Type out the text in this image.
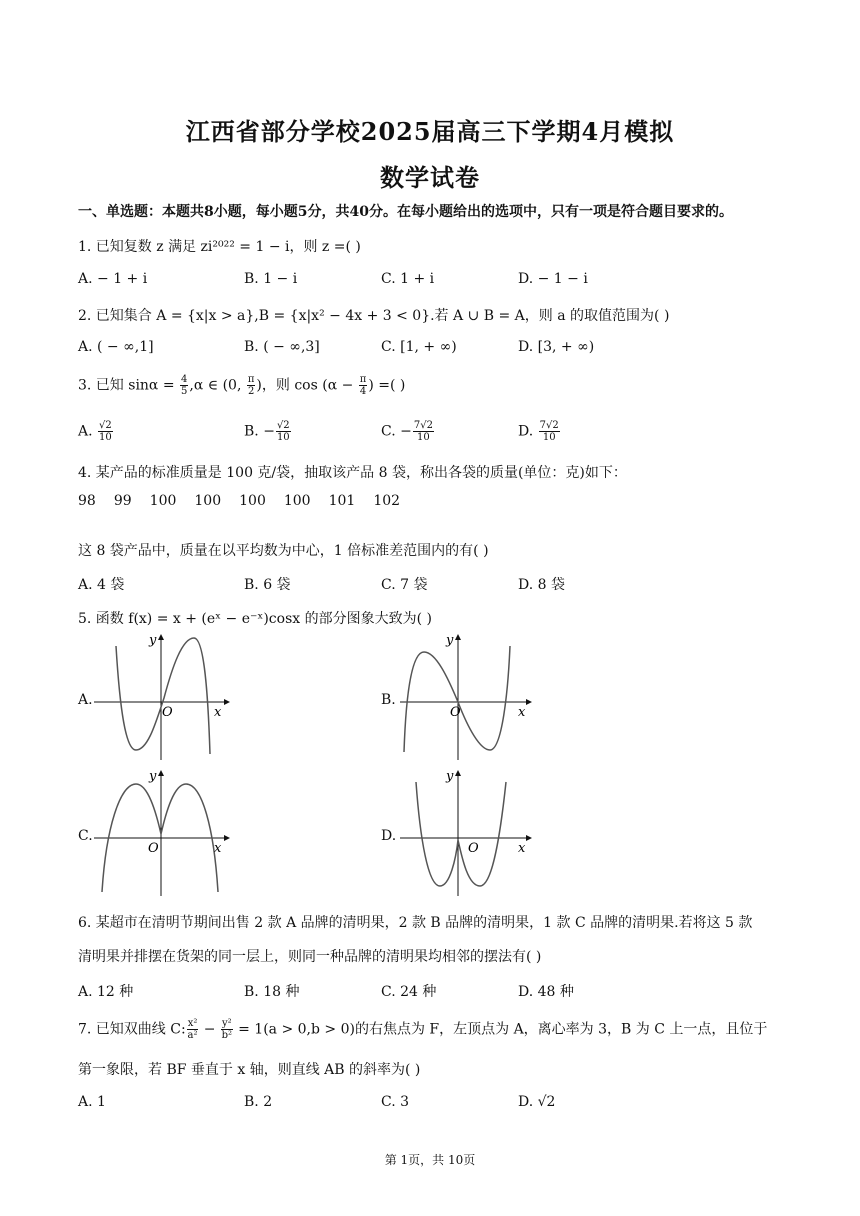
江西省部分学校2025届高三下学期4月模拟
数学试卷
一、单选题：本题共8小题，每小题5分，共40分。在每小题给出的选项中，只有一项是符合题目要求的。
1. 已知复数 z 满足 zi²⁰²² = 1 − i，则 z =( )
A. − 1 + i	B. 1 − i	C. 1 + i	D. − 1 − i
2. 已知集合 A = {x|x > a},B = {x|x² − 4x + 3 < 0}.若 A ∪ B = A，则 a 的取值范围为( )
A. ( − ∞,1]	B. ( − ∞,3]	C. [1, + ∞)	D. [3, + ∞)
3. 已知 $\sin\alpha = \frac{4}{5} ,\alpha$ ∈ (0, $\frac{\pi}{2}$ )，则 $\cos (\alpha - \frac{\pi}{4}$ ) =( )
A. $\frac{√2}{10}$	B. − $\frac{√2}{10}$	C. − $\frac{7√2}{10}$	D. $\frac{7√2}{10}$
4. 某产品的标准质量是 100 克/袋，抽取该产品 8 袋，称出各袋的质量(单位：克)如下：
98 99 100 100 100 100 101 102
这 8 袋产品中，质量在以平均数为中心，1 倍标准差范围内的有( )
A. 4 袋	B. 6 袋	C. 7 袋	D. 8 袋
5. 函数 f(x) = x + (eˣ − e⁻ˣ)cosx 的部分图象大致为( )
A.	B.
C.	D.
O	x
y
O	x
y
O	x
y
O	x
y
6. 某超市在清明节期间出售 2 款 A 品牌的清明果，2 款 B 品牌的清明果，1 款 C 品牌的清明果.若将这 5 款
清明果并排摆在货架的同一层上，则同一种品牌的清明果均相邻的摆法有( )
A. 12 种	B. 18 种	C. 24 种	D. 48 种
7. 已知双曲线 C: $\frac{\text{x²}}{\text{a²}} - \frac{\text{y²}}{\text{b²}} = 1(a > 0,b > 0)$的右焦点为 F，左顶点为 A，离心率为 3，B 为 C 上一点，且位于
第一象限，若 BF 垂直于 x 轴，则直线 AB 的斜率为( )
A. 1	B. 2	C. 3	D. √2
第 1页，共 10页
